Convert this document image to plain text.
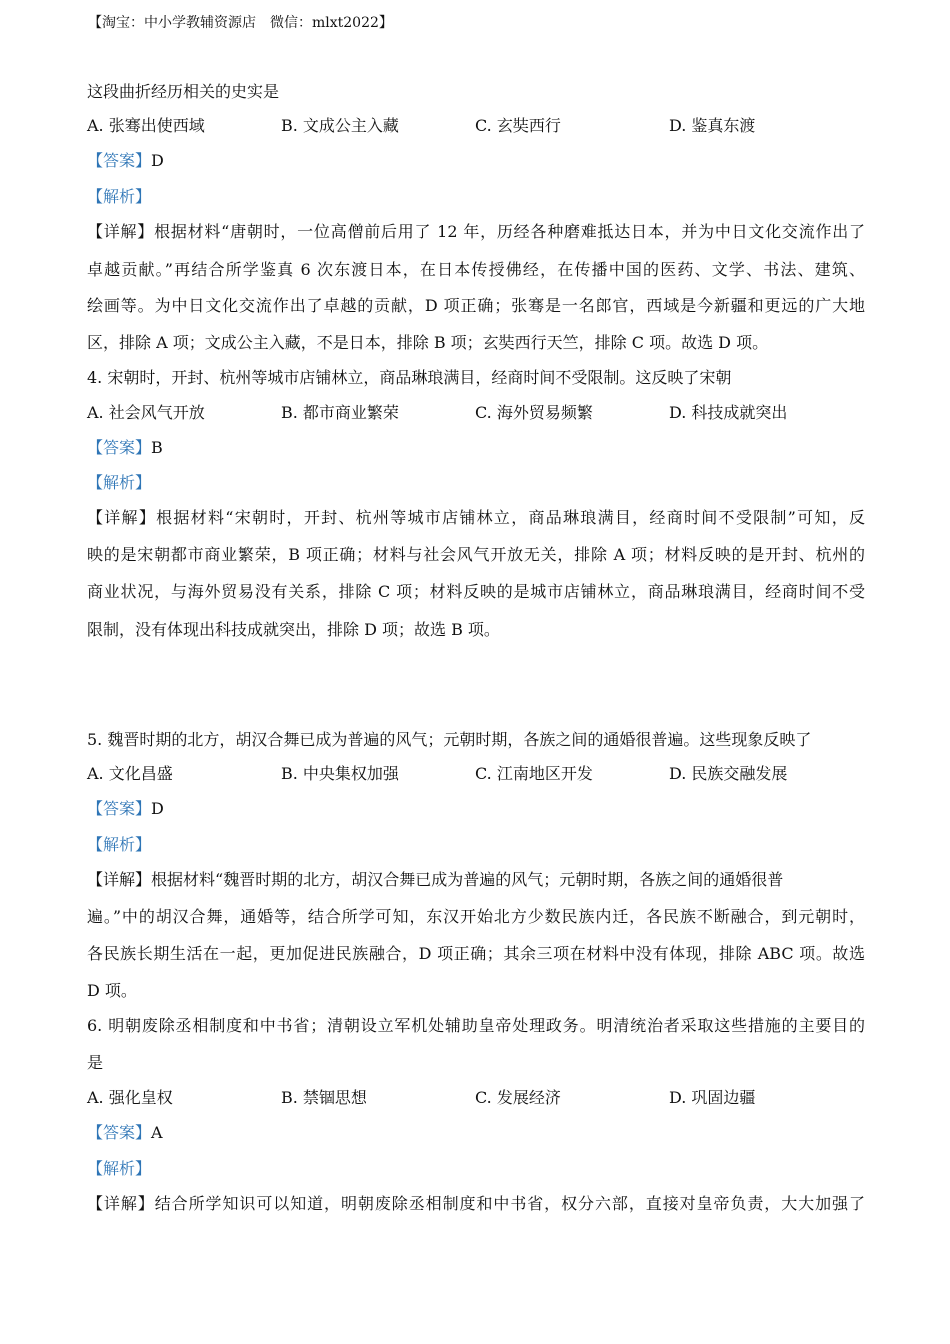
【淘宝：中小学教辅资源店　微信：mlxt2022】
这段曲折经历相关的史实是
A. 张骞出使西域	B. 文成公主入藏	C. 玄奘西行	D. 鉴真东渡
【答案】D
【解析】
【详解】根据材料“唐朝时，一位高僧前后用了 12 年，历经各种磨难抵达日本，并为中日文化交流作出了
卓越贡献。”再结合所学鉴真 6 次东渡日本，在日本传授佛经，在传播中国的医药、文学、书法、建筑、
绘画等。为中日文化交流作出了卓越的贡献，D 项正确；张骞是一名郎官，西域是今新疆和更远的广大地
区，排除 A 项；文成公主入藏，不是日本，排除 B 项；玄奘西行天竺，排除 C 项。故选 D 项。
4. 宋朝时，开封、杭州等城市店铺林立，商品琳琅满目，经商时间不受限制。这反映了宋朝
A. 社会风气开放	B. 都市商业繁荣	C. 海外贸易频繁	D. 科技成就突出
【答案】B
【解析】
【详解】根据材料“宋朝时，开封、杭州等城市店铺林立，商品琳琅满目，经商时间不受限制”可知，反
映的是宋朝都市商业繁荣，B 项正确；材料与社会风气开放无关，排除 A 项；材料反映的是开封、杭州的
商业状况，与海外贸易没有关系，排除 C 项；材料反映的是城市店铺林立，商品琳琅满目，经商时间不受
限制，没有体现出科技成就突出，排除 D 项；故选 B 项。
5. 魏晋时期的北方，胡汉合舞已成为普遍的风气；元朝时期，各族之间的通婚很普遍。这些现象反映了
A. 文化昌盛	B. 中央集权加强	C. 江南地区开发	D. 民族交融发展
【答案】D
【解析】
【详解】根据材料“魏晋时期的北方，胡汉合舞已成为普遍的风气；元朝时期，各族之间的通婚很普
遍。”中的胡汉合舞，通婚等，结合所学可知，东汉开始北方少数民族内迁，各民族不断融合，到元朝时，
各民族长期生活在一起，更加促进民族融合，D 项正确；其余三项在材料中没有体现，排除 ABC 项。故选
D 项。
6. 明朝废除丞相制度和中书省；清朝设立军机处辅助皇帝处理政务。明清统治者采取这些措施的主要目的
是
A. 强化皇权	B. 禁锢思想	C. 发展经济	D. 巩固边疆
【答案】A
【解析】
【详解】结合所学知识可以知道，明朝废除丞相制度和中书省，权分六部，直接对皇帝负责，大大加强了
